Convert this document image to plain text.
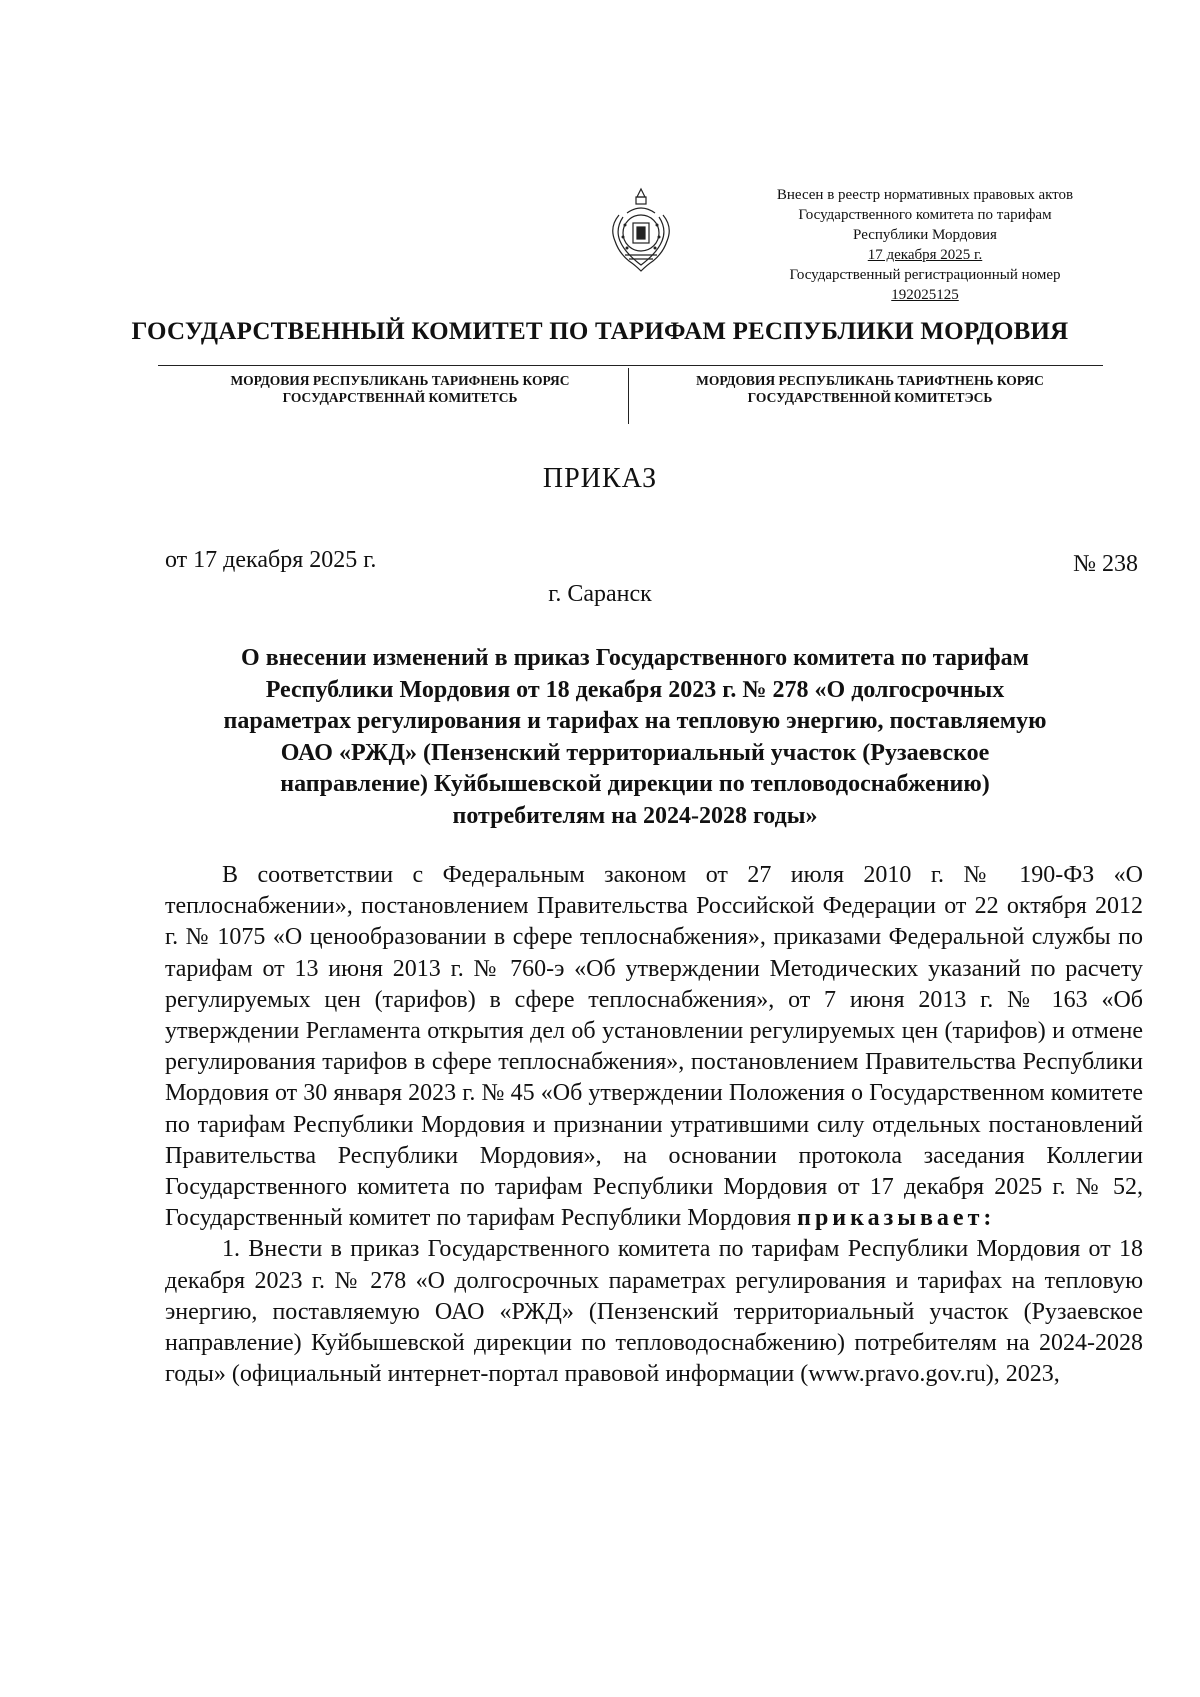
Внесен в реестр нормативных правовых актов
Государственного комитета по тарифам
Республики Мордовия
17 декабря 2025 г.
Государственный регистрационный номер
192025125
ГОСУДАРСТВЕННЫЙ КОМИТЕТ ПО ТАРИФАМ РЕСПУБЛИКИ МОРДОВИЯ
МОРДОВИЯ РЕСПУБЛИКАНЬ ТАРИФНЕНЬ КОРЯС
ГОСУДАРСТВЕННАЙ КОМИТЕТСЬ
МОРДОВИЯ РЕСПУБЛИКАНЬ ТАРИФТНЕНЬ КОРЯС
ГОСУДАРСТВЕННОЙ КОМИТЕТЭСЬ
ПРИКАЗ
от 17 декабря 2025 г.	№ 238
г. Саранск
О внесении изменений в приказ Государственного комитета по тарифам
Республики Мордовия от 18 декабря 2023 г. № 278 «О долгосрочных
параметрах регулирования и тарифах на тепловую энергию, поставляемую
ОАО «РЖД» (Пензенский территориальный участок (Рузаевское
направление) Куйбышевской дирекции по тепловодоснабжению)
потребителям на 2024-2028 годы»

В соответствии с Федеральным законом от 27 июля 2010 г. № 190-ФЗ «О теплоснабжении», постановлением Правительства Российской Федерации от 22 октября 2012 г. № 1075 «О ценообразовании в сфере теплоснабжения», приказами Федеральной службы по тарифам от 13 июня 2013 г. № 760-э «Об утверждении Методических указаний по расчету регулируемых цен (тарифов) в сфере теплоснабжения», от 7 июня 2013 г. № 163 «Об утверждении Регламента открытия дел об установлении регулируемых цен (тарифов) и отмене регулирования тарифов в сфере теплоснабжения», постановлением Правительства Республики Мордовия от 30 января 2023 г. № 45 «Об утверждении Положения о Государственном комитете по тарифам Республики Мордовия и признании утратившими силу отдельных постановлений Правительства Республики Мордовия», на основании протокола заседания Коллегии Государственного комитета по тарифам Республики Мордовия от 17 декабря 2025 г. № 52, Государственный комитет по тарифам Республики Мордовия приказывает:

1. Внести в приказ Государственного комитета по тарифам Республики Мордовия от 18 декабря 2023 г. № 278 «О долгосрочных параметрах регулирования и тарифах на тепловую энергию, поставляемую ОАО «РЖД» (Пензенский территориальный участок (Рузаевское направление) Куйбышевской дирекции по тепловодоснабжению) потребителям на 2024-2028 годы» (официальный интернет-портал правовой информации (www.pravo.gov.ru), 2023,
